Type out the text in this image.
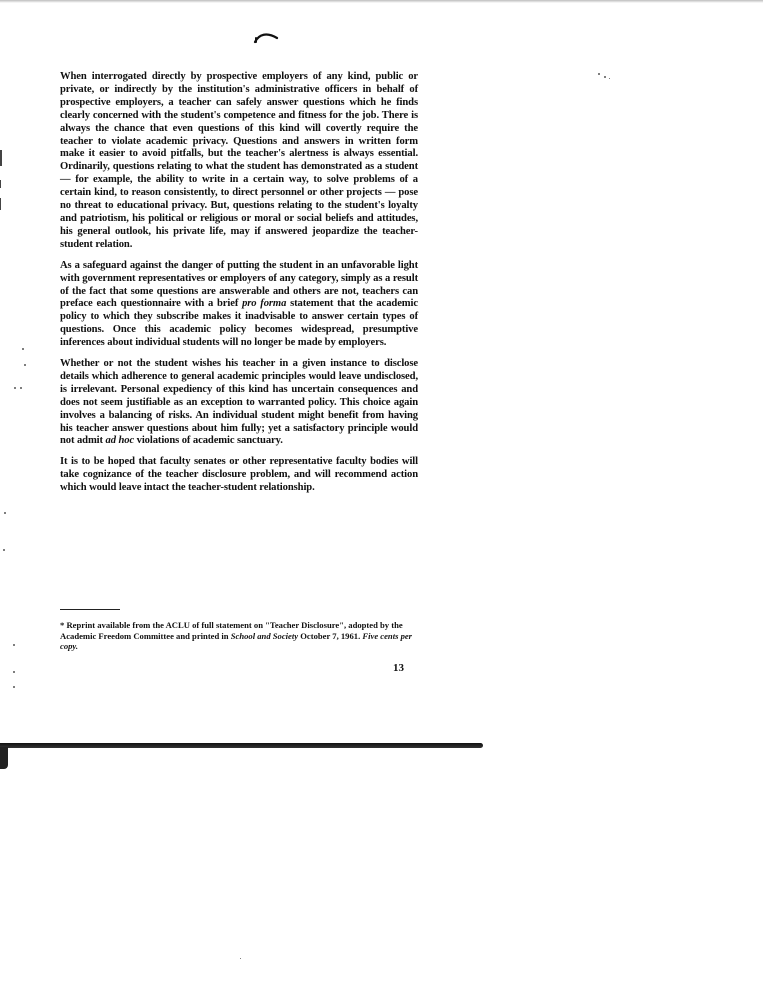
When interrogated directly by prospective employers of any kind, public or private, or indirectly by the institution's administrative officers in behalf of prospective employers, a teacher can safely answer questions which he finds clearly concerned with the student's competence and fitness for the job. There is always the chance that even questions of this kind will covertly require the teacher to violate academic privacy. Questions and answers in written form make it easier to avoid pitfalls, but the teacher's alertness is always essential. Ordinarily, questions relating to what the student has demonstrated as a student — for example, the ability to write in a certain way, to solve problems of a certain kind, to reason consistently, to direct personnel or other projects — pose no threat to educational privacy. But, questions relating to the student's loyalty and patriotism, his political or religious or moral or social beliefs and attitudes, his general outlook, his private life, may if answered jeopardize the teacher-student relation.

As a safeguard against the danger of putting the student in an unfavorable light with government representatives or employers of any category, simply as a result of the fact that some questions are answerable and others are not, teachers can preface each questionnaire with a brief pro forma statement that the academic policy to which they subscribe makes it inadvisable to answer certain types of questions. Once this academic policy becomes widespread, presumptive inferences about individual students will no longer be made by employers.

Whether or not the student wishes his teacher in a given instance to disclose details which adherence to general academic principles would leave undisclosed, is irrelevant. Personal expediency of this kind has uncertain consequences and does not seem justifiable as an exception to warranted policy. This choice again involves a balancing of risks. An individual student might benefit from having his teacher answer questions about him fully; yet a satisfactory principle would not admit ad hoc violations of academic sanctuary.

It is to be hoped that faculty senates or other representative faculty bodies will take cognizance of the teacher disclosure problem, and will recommend action which would leave intact the teacher-student relationship.

* Reprint available from the ACLU of full statement on "Teacher Disclosure", adopted by the Academic Freedom Committee and printed in School and Society October 7, 1961. Five cents per copy.
13
